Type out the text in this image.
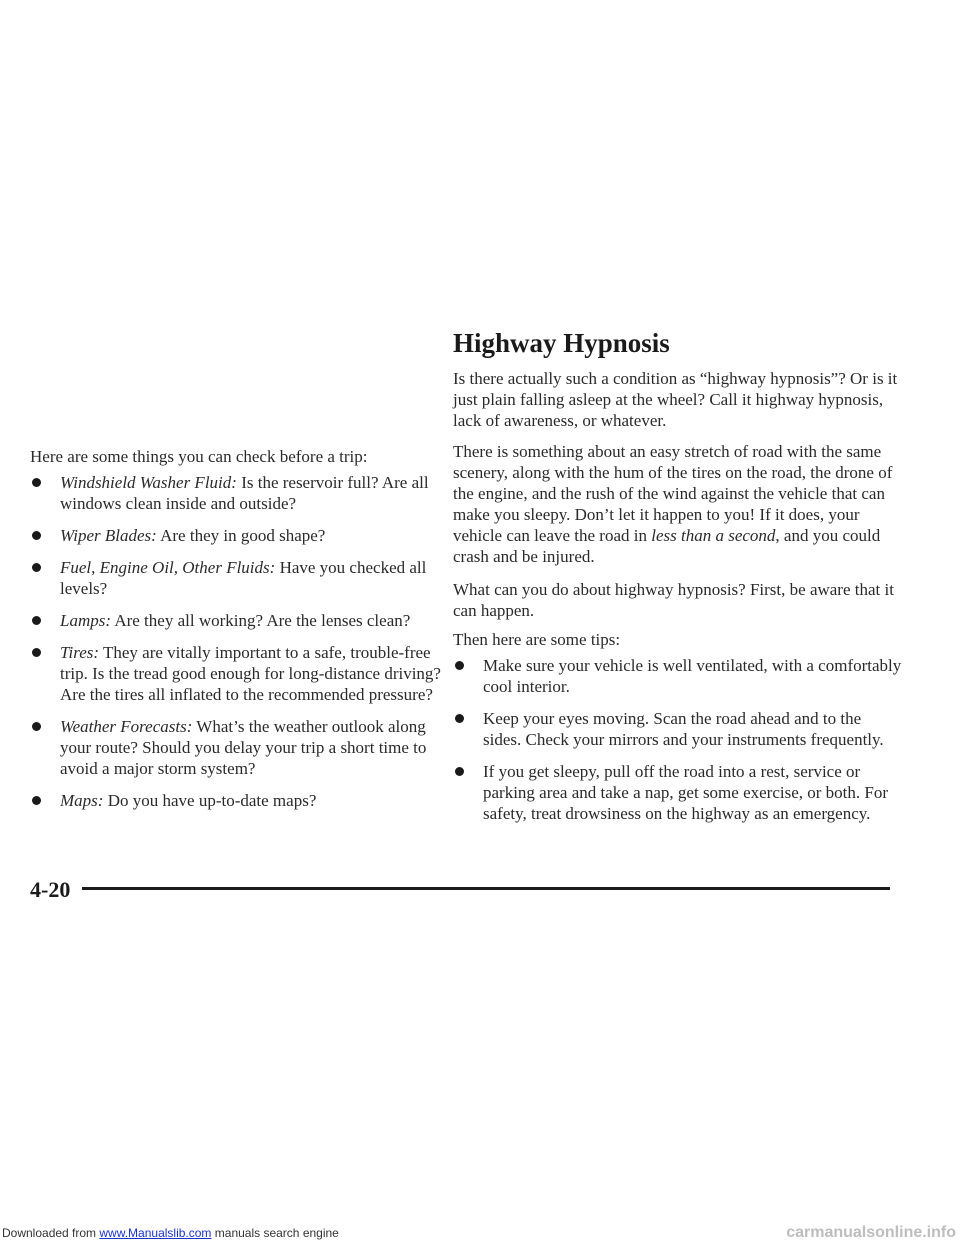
Here are some things you can check before a trip:
Windshield Washer Fluid: Is the reservoir full? Are all windows clean inside and outside?
Wiper Blades: Are they in good shape?
Fuel, Engine Oil, Other Fluids: Have you checked all levels?
Lamps: Are they all working? Are the lenses clean?
Tires: They are vitally important to a safe, trouble-free trip. Is the tread good enough for long-distance driving? Are the tires all inflated to the recommended pressure?
Weather Forecasts: What’s the weather outlook along your route? Should you delay your trip a short time to avoid a major storm system?
Maps: Do you have up-to-date maps?
Highway Hypnosis

Is there actually such a condition as “highway hypnosis”? Or is it just plain falling asleep at the wheel? Call it highway hypnosis, lack of awareness, or whatever.

There is something about an easy stretch of road with the same scenery, along with the hum of the tires on the road, the drone of the engine, and the rush of the wind against the vehicle that can make you sleepy. Don’t let it happen to you! If it does, your vehicle can leave the road in less than a second, and you could crash and be injured.

What can you do about highway hypnosis? First, be aware that it can happen.

Then here are some tips:

Make sure your vehicle is well ventilated, with a comfortably cool interior.
Keep your eyes moving. Scan the road ahead and to the sides. Check your mirrors and your instruments frequently.
If you get sleepy, pull off the road into a rest, service or parking area and take a nap, get some exercise, or both. For safety, treat drowsiness on the highway as an emergency.
4-20
Downloaded from www.Manualslib.com manuals search engine	carmanualsonline.info
